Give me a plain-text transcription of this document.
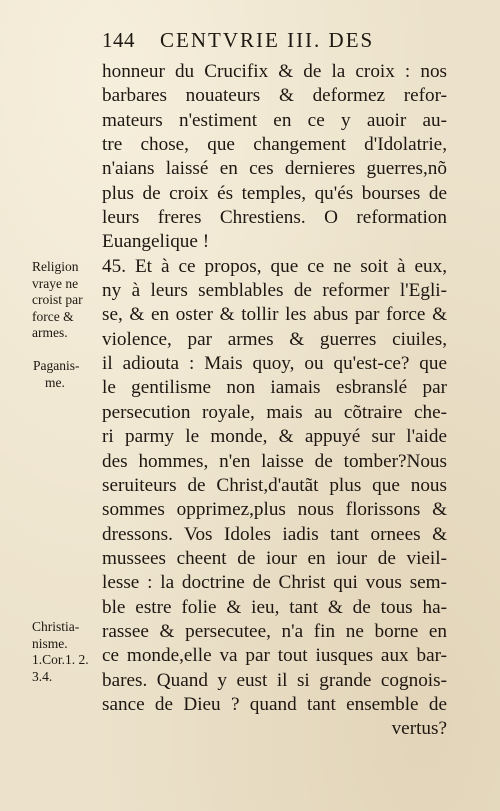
144 CENTVRIE III. DES
honneur du Crucifix & de la croix : nos
barbares nouateurs & deformez refor-
mateurs n'estiment en ce y auoir au-
tre chose, que changement d'Idolatrie,
n'aians laissé en ces dernieres guerres,nõ
plus de croix és temples, qu'és bourses de
leurs freres Chrestiens. O reformation
Euangelique !
45. Et à ce propos, que ce ne soit à eux,
ny à leurs semblables de reformer l'Egli-
se, & en oster & tollir les abus par force &
violence, par armes & guerres ciuiles,
il adiouta : Mais quoy, ou qu'est-ce? que
le gentilisme non iamais esbranslé par
persecution royale, mais au cõtraire che-
ri parmy le monde, & appuyé sur l'aide
des hommes, n'en laisse de tomber?Nous
seruiteurs de Christ,d'autãt plus que nous
sommes opprimez,plus nous florissons &
dressons. Vos Idoles iadis tant ornees &
mussees cheent de iour en iour de vieil-
lesse : la doctrine de Christ qui vous sem-
ble estre folie & ieu, tant & de tous ha-
rassee & persecutee, n'a fin ne borne en
ce monde,elle va par tout iusques aux bar-
bares. Quand y eust il si grande cognois-
sance de Dieu ? quand tant ensemble de
vertus?
Religion
vraye ne
croist par
force &
armes.
Paganis-
me.
Christia-
nisme.
1.Cor.1. 2.
3.4.
